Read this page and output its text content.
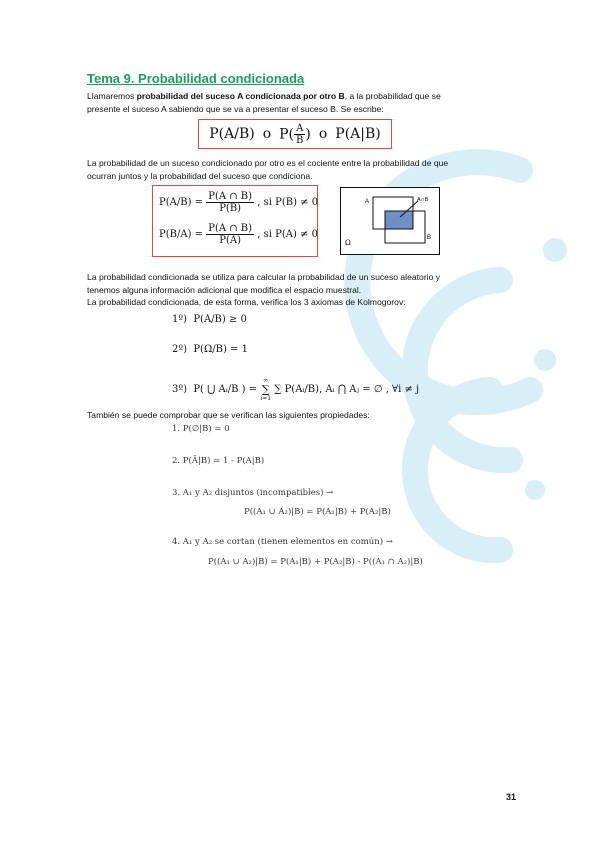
Tema 9. Probabilidad condicionada
Llamaremos probabilidad del suceso A condicionada por otro B, a la probabilidad que se
presente el suceso A sabiendo que se va a presentar el suceso B. Se escribe:
P(A/B) o $P( \frac{A}{B}$ ) o P(A|B)
La probabilidad de un suceso condicionado por otro es el cociente entre la probabilidad de que
ocurran juntos y la probabilidad del suceso que condiciona.
$P(A/B) = \frac{P(A \cap B)}{P(B)}$ , si P(B) ≠ 0
$P(B/A) = \frac{P(A \cap B)}{P(A)}$ , si P(A) ≠ 0
A
B
A∩B
Ω
La probabilidad condicionada se utiliza para calcular la probabilidad de un suceso aleatorio y
tenemos alguna información adicional que modifica el espacio muestral.
La probabilidad condicionada, de esta forma, verifica los 3 axiomas de Kolmogorov:
1º) P(A/B) ≥ 0
2º) P(Ω/B) = 1
3º) P( ⋃ Aᵢ/B ) =
∞
∑
i=1
∑ P(Aᵢ/B), Aᵢ ⋂ Aⱼ = ∅ , ∀i ≠ j
También se puede comprobar que se verifican las siguientes propiedades:
1. P(∅|B) = 0
2. P(Ā|B) = 1 - P(A|B)
3. A₁ y A₂ disjuntos (incompatibles) →
P((A₁ ∪ A₂)|B) = P(A₁|B) + P(A₂|B)
4. A₁ y A₂ se cortan (tienen elementos en común) →
P((A₁ ∪ A₂)|B) = P(A₁|B) + P(A₂|B) - P((A₁ ∩ A₂)|B)
31
